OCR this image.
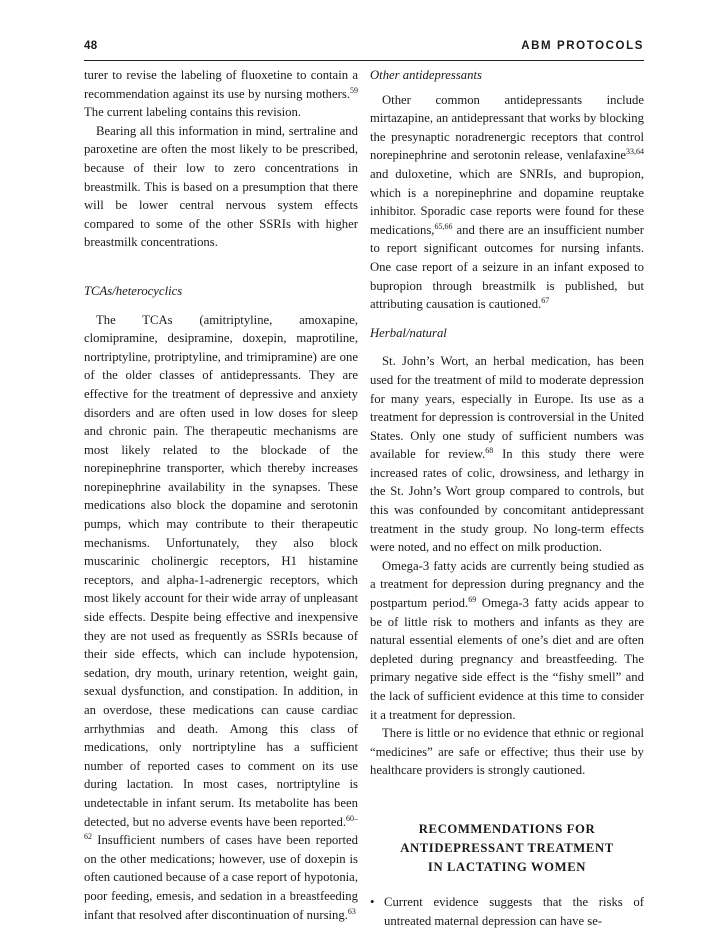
48	ABM PROTOCOLS

turer to revise the labeling of fluoxetine to contain a recommendation against its use by nursing mothers.$^{59}$ The current labeling contains this revision.

Bearing all this information in mind, sertraline and paroxetine are often the most likely to be prescribed, because of their low to zero concentrations in breastmilk. This is based on a presumption that there will be lower central nervous system effects compared to some of the other SSRIs with higher breastmilk concentrations.

TCAs/heterocyclics

The TCAs (amitriptyline, amoxapine, clomipramine, desipramine, doxepin, maprotiline, nortriptyline, protriptyline, and trimipramine) are one of the older classes of antidepressants. They are effective for the treatment of depressive and anxiety disorders and are often used in low doses for sleep and chronic pain. The therapeutic mechanisms are most likely related to the blockade of the norepinephrine transporter, which thereby increases norepinephrine availability in the synapses. These medications also block the dopamine and serotonin pumps, which may contribute to their therapeutic mechanisms. Unfortunately, they also block muscarinic cholinergic receptors, H1 histamine receptors, and alpha-1-adrenergic receptors, which most likely account for their wide array of unpleasant side effects. Despite being effective and inexpensive they are not used as frequently as SSRIs because of their side effects, which can include hypotension, sedation, dry mouth, urinary retention, weight gain, sexual dysfunction, and constipation. In addition, in an overdose, these medications can cause cardiac arrhythmias and death. Among this class of medications, only nortriptyline has a sufficient number of reported cases to comment on its use during lactation. In most cases, nortriptyline is undetectable in infant serum. Its metabolite has been detected, but no adverse events have been reported.$^{60-62}$ Insufficient numbers of cases have been reported on the other medications; however, use of doxepin is often cautioned because of a case report of hypotonia, poor feeding, emesis, and sedation in a breastfeeding infant that resolved after discontinuation of nursing.$^{63}$

Other antidepressants

Other common antidepressants include mirtazapine, an antidepressant that works by blocking the presynaptic noradrenergic receptors that control norepinephrine and serotonin release, venlafaxine$^{33,64}$ and duloxetine, which are SNRIs, and bupropion, which is a norepinephrine and dopamine reuptake inhibitor. Sporadic case reports were found for these medications,$^{65,66}$ and there are an insufficient number to report significant outcomes for nursing infants. One case report of a seizure in an infant exposed to bupropion through breastmilk is published, but attributing causation is cautioned.$^{67}$

Herbal/natural

St. John’s Wort, an herbal medication, has been used for the treatment of mild to moderate depression for many years, especially in Europe. Its use as a treatment for depression is controversial in the United States. Only one study of sufficient numbers was available for review.$^{68}$ In this study there were increased rates of colic, drowsiness, and lethargy in the St. John’s Wort group compared to controls, but this was confounded by concomitant antidepressant treatment in the study group. No long-term effects were noted, and no effect on milk production.

Omega-3 fatty acids are currently being studied as a treatment for depression during pregnancy and the postpartum period.$^{69}$ Omega-3 fatty acids appear to be of little risk to mothers and infants as they are natural essential elements of one’s diet and are often depleted during pregnancy and breastfeeding. The primary negative side effect is the “fishy smell” and the lack of sufficient evidence at this time to consider it a treatment for depression.

There is little or no evidence that ethnic or regional “medicines” are safe or effective; thus their use by healthcare providers is strongly cautioned.

RECOMMENDATIONS FOR

ANTIDEPRESSANT TREATMENT

IN LACTATING WOMEN

• Current evidence suggests that the risks of untreated maternal depression can have se-
